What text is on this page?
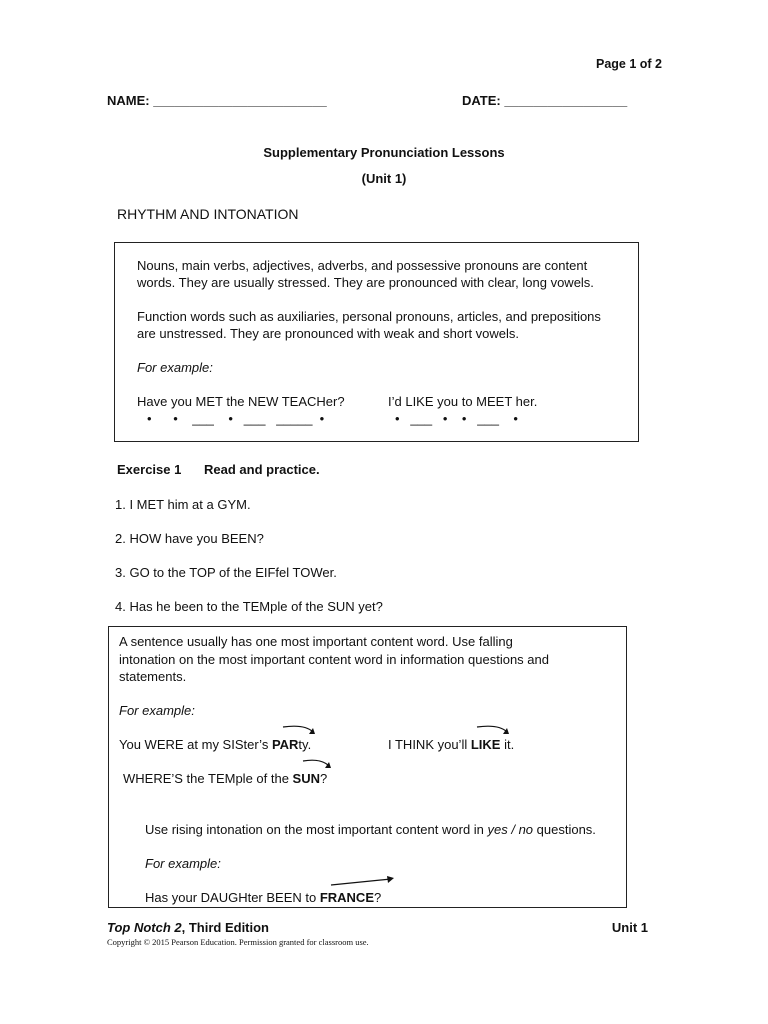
Page 1 of 2
NAME: ________________________	DATE: _________________
Supplementary Pronunciation Lessons
(Unit 1)
RHYTHM AND INTONATION
Nouns, main verbs, adjectives, adverbs, and possessive pronouns are content
words. They are usually stressed. They are pronounced with clear, long vowels.
Function words such as auxiliaries, personal pronouns, articles, and prepositions
are unstressed. They are pronounced with weak and short vowels.
For example:
Have you MET the NEW TEACHer?	I’d LIKE you to MEET her.
•      •    ___    •   ___   _____  •	•   ___   •    •   ___    •
Exercise 1 Read and practice.
1. I MET him at a GYM.
2. HOW have you BEEN?
3. GO to the TOP of the EIFfel TOWer.
4. Has he been to the TEMple of the SUN yet?
A sentence usually has one most important content word. Use falling
intonation on the most important content word in information questions and
statements.
For example:
You WERE at my SISter’s PARty.	I THINK you’ll LIKE it.
WHERE’S the TEMple of the SUN?
Use rising intonation on the most important content word in yes / no questions.
For example:
Has your DAUGHter BEEN to FRANCE?
Top Notch 2, Third Edition	Unit 1
Copyright © 2015 Pearson Education. Permission granted for classroom use.
